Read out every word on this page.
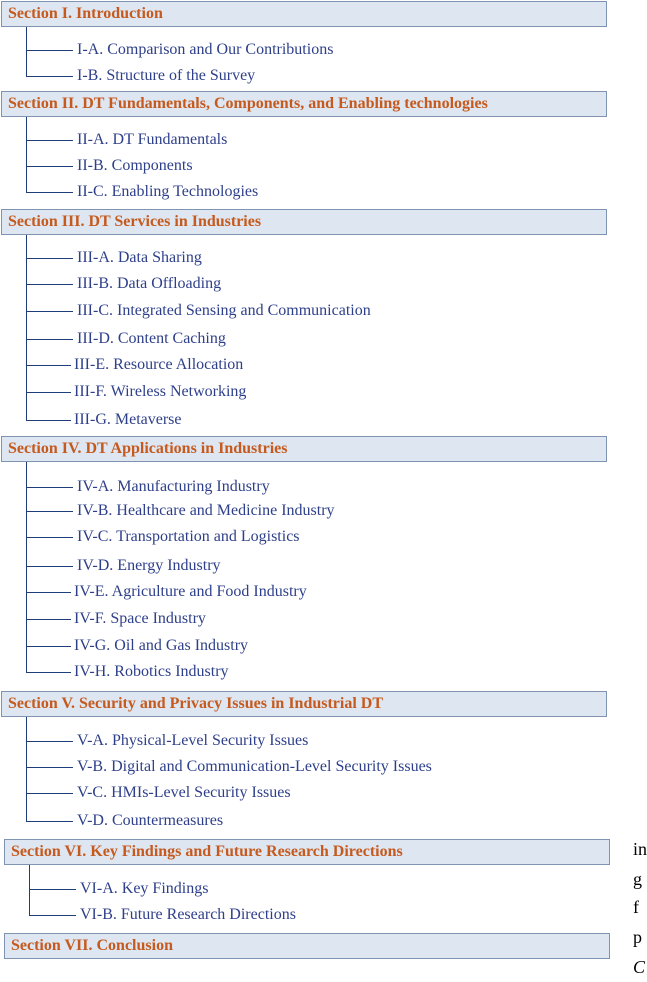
Section I. Introduction
Section II. DT Fundamentals, Components, and Enabling technologies
Section III. DT Services in Industries
Section IV. DT Applications in Industries
Section V. Security and Privacy Issues in Industrial DT
Section VI. Key Findings and Future Research Directions
Section VII. Conclusion
I-A. Comparison and Our Contributions
I-B. Structure of the Survey
II-A. DT Fundamentals
II-B. Components
II-C. Enabling Technologies
III-A. Data Sharing
III-B. Data Offloading
III-C. Integrated Sensing and Communication
III-D. Content Caching
III-E. Resource Allocation
III-F. Wireless Networking
III-G. Metaverse
IV-A. Manufacturing Industry
IV-B. Healthcare and Medicine Industry
IV-C. Transportation and Logistics
IV-D. Energy Industry
IV-E. Agriculture and Food Industry
IV-F. Space Industry
IV-G. Oil and Gas Industry
IV-H. Robotics Industry
V-A. Physical-Level Security Issues
V-B. Digital and Communication-Level Security Issues
V-C. HMIs-Level Security Issues
V-D. Countermeasures
VI-A. Key Findings
VI-B. Future Research Directions
in
g
f
p
C
